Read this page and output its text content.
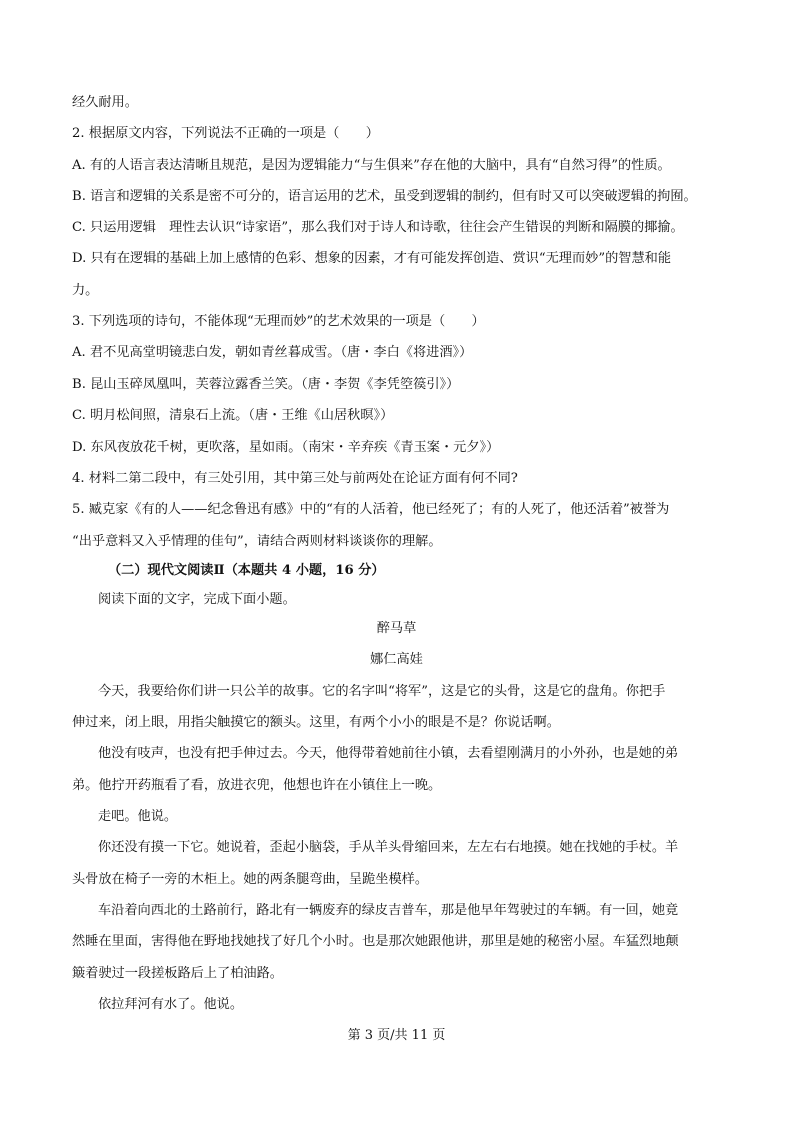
经久耐用。
2. 根据原文内容，下列说法不正确的一项是（　　）
A. 有的人语言表达清晰且规范，是因为逻辑能力“与生俱来”存在他的大脑中，具有“自然习得”的性质。
B. 语言和逻辑的关系是密不可分的，语言运用的艺术，虽受到逻辑的制约，但有时又可以突破逻辑的拘囿。
C. 只运用逻辑　理性去认识“诗家语”，那么我们对于诗人和诗歌，往往会产生错误的判断和隔膜的揶揄。
D. 只有在逻辑的基础上加上感情的色彩、想象的因素，才有可能发挥创造、赏识“无理而妙”的智慧和能
力。
3. 下列选项的诗句，不能体现“无理而妙”的艺术效果的一项是（　　）
A. 君不见高堂明镜悲白发，朝如青丝暮成雪。（唐・李白《将进酒》）
B. 昆山玉碎凤凰叫，芙蓉泣露香兰笑。（唐・李贺《李凭箜篌引》）
C. 明月松间照，清泉石上流。（唐・王维《山居秋暝》）
D. 东风夜放花千树，更吹落，星如雨。（南宋・辛弃疾《青玉案・元夕》）
4. 材料二第二段中，有三处引用，其中第三处与前两处在论证方面有何不同?
5. 臧克家《有的人——纪念鲁迅有感》中的“有的人活着，他已经死了；有的人死了，他还活着”被誉为
“出乎意料又入乎情理的佳句”，请结合两则材料谈谈你的理解。
（二）现代文阅读Ⅱ（本题共 4 小题，16 分）
阅读下面的文字，完成下面小题。
醉马草
娜仁高娃
今天，我要给你们讲一只公羊的故事。它的名字叫“将军”，这是它的头骨，这是它的盘角。你把手
伸过来，闭上眼，用指尖触摸它的额头。这里，有两个小小的眼是不是？你说话啊。
他没有吱声，也没有把手伸过去。今天，他得带着她前往小镇，去看望刚满月的小外孙，也是她的弟
弟。他拧开药瓶看了看，放进衣兜，他想也许在小镇住上一晚。
走吧。他说。
你还没有摸一下它。她说着，歪起小脑袋，手从羊头骨缩回来，左左右右地摸。她在找她的手杖。羊
头骨放在椅子一旁的木柜上。她的两条腿弯曲，呈跪坐模样。
车沿着向西北的土路前行，路北有一辆废弃的绿皮吉普车，那是他早年驾驶过的车辆。有一回，她竟
然睡在里面，害得他在野地找她找了好几个小时。也是那次她跟他讲，那里是她的秘密小屋。车猛烈地颠
簸着驶过一段搓板路后上了柏油路。
依拉拜河有水了。他说。
第 3 页/共 11 页
